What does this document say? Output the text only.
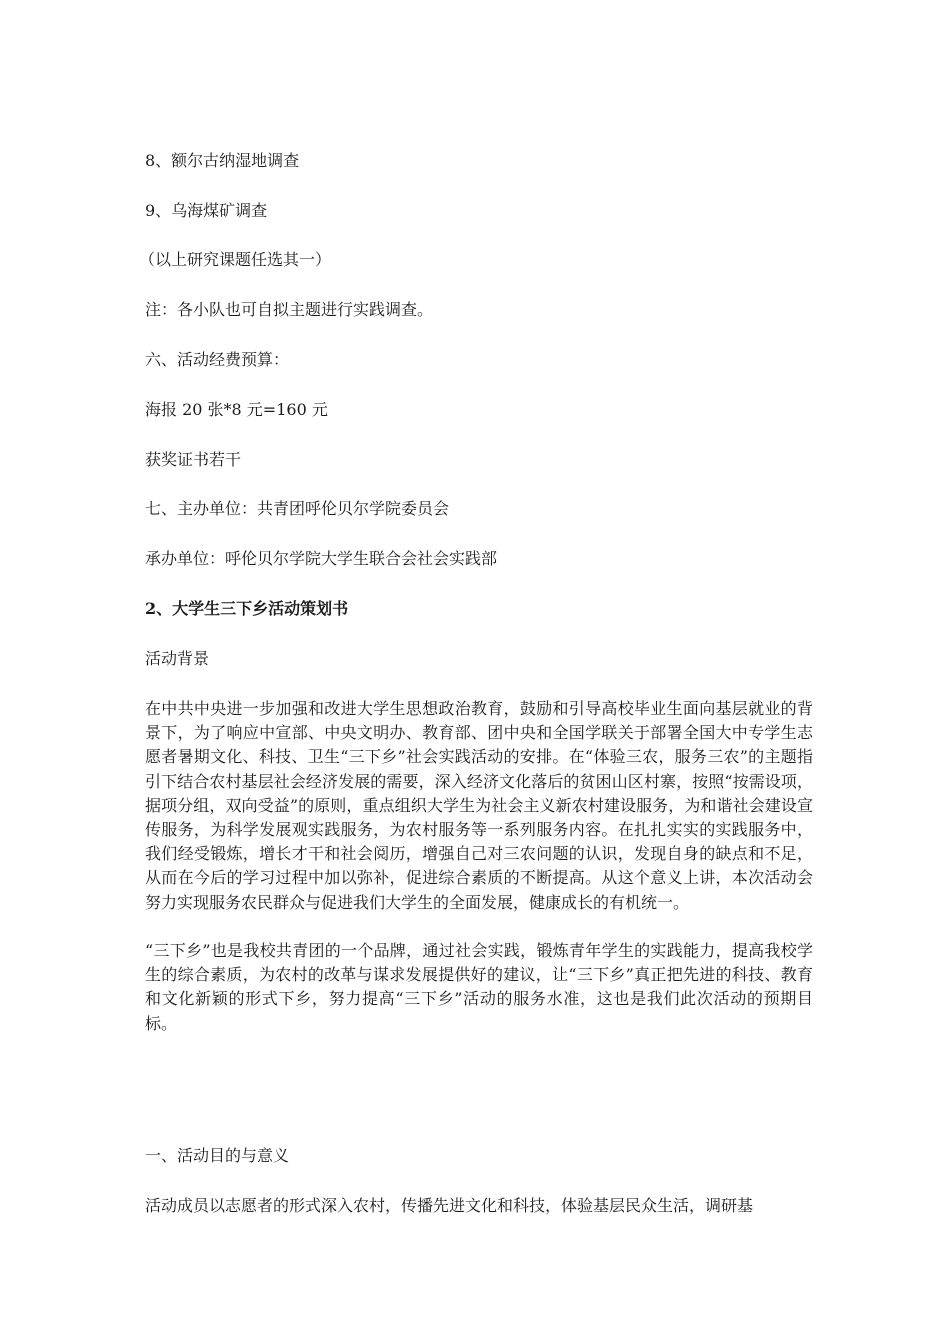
8、额尔古纳湿地调查
9、乌海煤矿调查
（以上研究课题任选其一）
注：各小队也可自拟主题进行实践调查。
六、活动经费预算：
海报 20 张*8 元=160 元
获奖证书若干
七、主办单位：共青团呼伦贝尔学院委员会
承办单位：呼伦贝尔学院大学生联合会社会实践部
2、大学生三下乡活动策划书
活动背景
在中共中央进一步加强和改进大学生思想政治教育，鼓励和引导高校毕业生面向基层就业的背景下，为了响应中宣部、中央文明办、教育部、团中央和全国学联关于部署全国大中专学生志愿者暑期文化、科技、卫生“三下乡”社会实践活动的安排。在“体验三农，服务三农”的主题指引下结合农村基层社会经济发展的需要，深入经济文化落后的贫困山区村寨，按照“按需设项，据项分组，双向受益”的原则，重点组织大学生为社会主义新农村建设服务，为和谐社会建设宣传服务，为科学发展观实践服务，为农村服务等一系列服务内容。在扎扎实实的实践服务中，我们经受锻炼，增长才干和社会阅历，增强自己对三农问题的认识，发现自身的缺点和不足，从而在今后的学习过程中加以弥补，促进综合素质的不断提高。从这个意义上讲，本次活动会努力实现服务农民群众与促进我们大学生的全面发展，健康成长的有机统一。
“三下乡”也是我校共青团的一个品牌，通过社会实践，锻炼青年学生的实践能力，提高我校学生的综合素质，为农村的改革与谋求发展提供好的建议，让“三下乡”真正把先进的科技、教育和文化新颖的形式下乡，努力提高“三下乡”活动的服务水准，这也是我们此次活动的预期目标。
一、活动目的与意义
活动成员以志愿者的形式深入农村，传播先进文化和科技，体验基层民众生活，调研基
